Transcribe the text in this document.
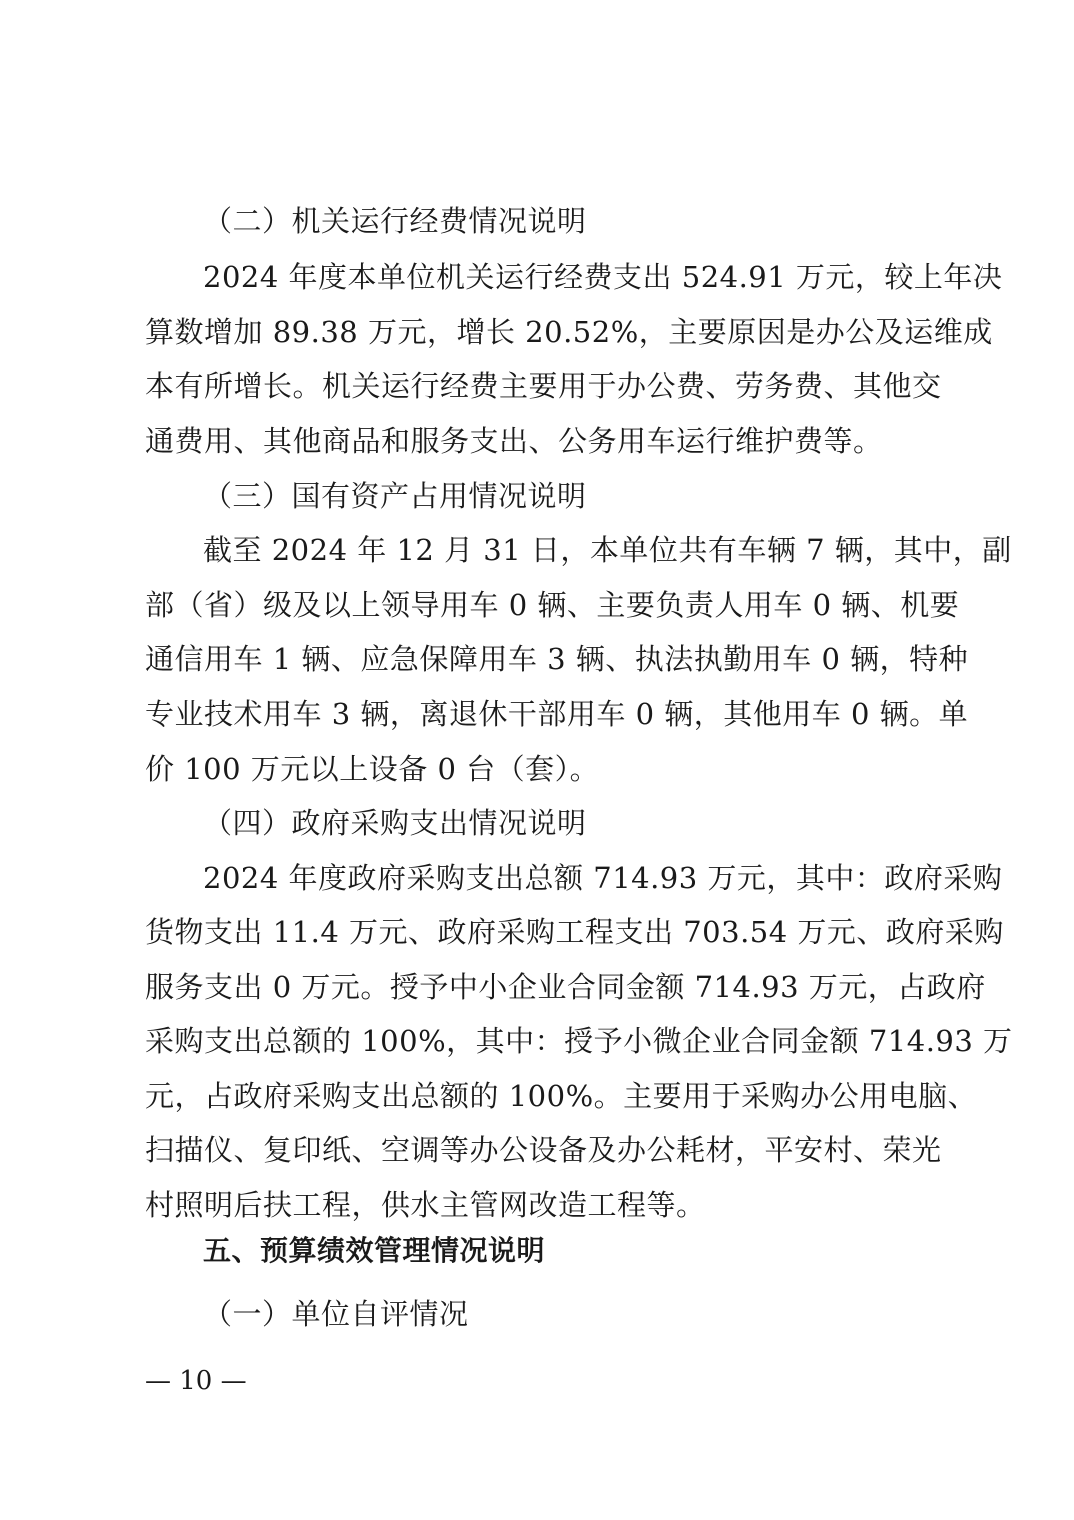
（二）机关运行经费情况说明
2024 年度本单位机关运行经费支出 524.91 万元，较上年决
算数增加 89.38 万元，增长 20.52%，主要原因是办公及运维成
本有所增长。机关运行经费主要用于办公费、劳务费、其他交
通费用、其他商品和服务支出、公务用车运行维护费等。
（三）国有资产占用情况说明
截至 2024 年 12 月 31 日，本单位共有车辆 7 辆，其中，副
部（省）级及以上领导用车 0 辆、主要负责人用车 0 辆、机要
通信用车 1 辆、应急保障用车 3 辆、执法执勤用车 0 辆，特种
专业技术用车 3 辆，离退休干部用车 0 辆，其他用车 0 辆。单
价 100 万元以上设备 0 台（套）。
（四）政府采购支出情况说明
2024 年度政府采购支出总额 714.93 万元，其中：政府采购
货物支出 11.4 万元、政府采购工程支出 703.54 万元、政府采购
服务支出 0 万元。授予中小企业合同金额 714.93 万元，占政府
采购支出总额的 100%，其中：授予小微企业合同金额 714.93 万
元，占政府采购支出总额的 100%。主要用于采购办公用电脑、
扫描仪、复印纸、空调等办公设备及办公耗材，平安村、荣光
村照明后扶工程，供水主管网改造工程等。
五、预算绩效管理情况说明
（一）单位自评情况
— 10 —
